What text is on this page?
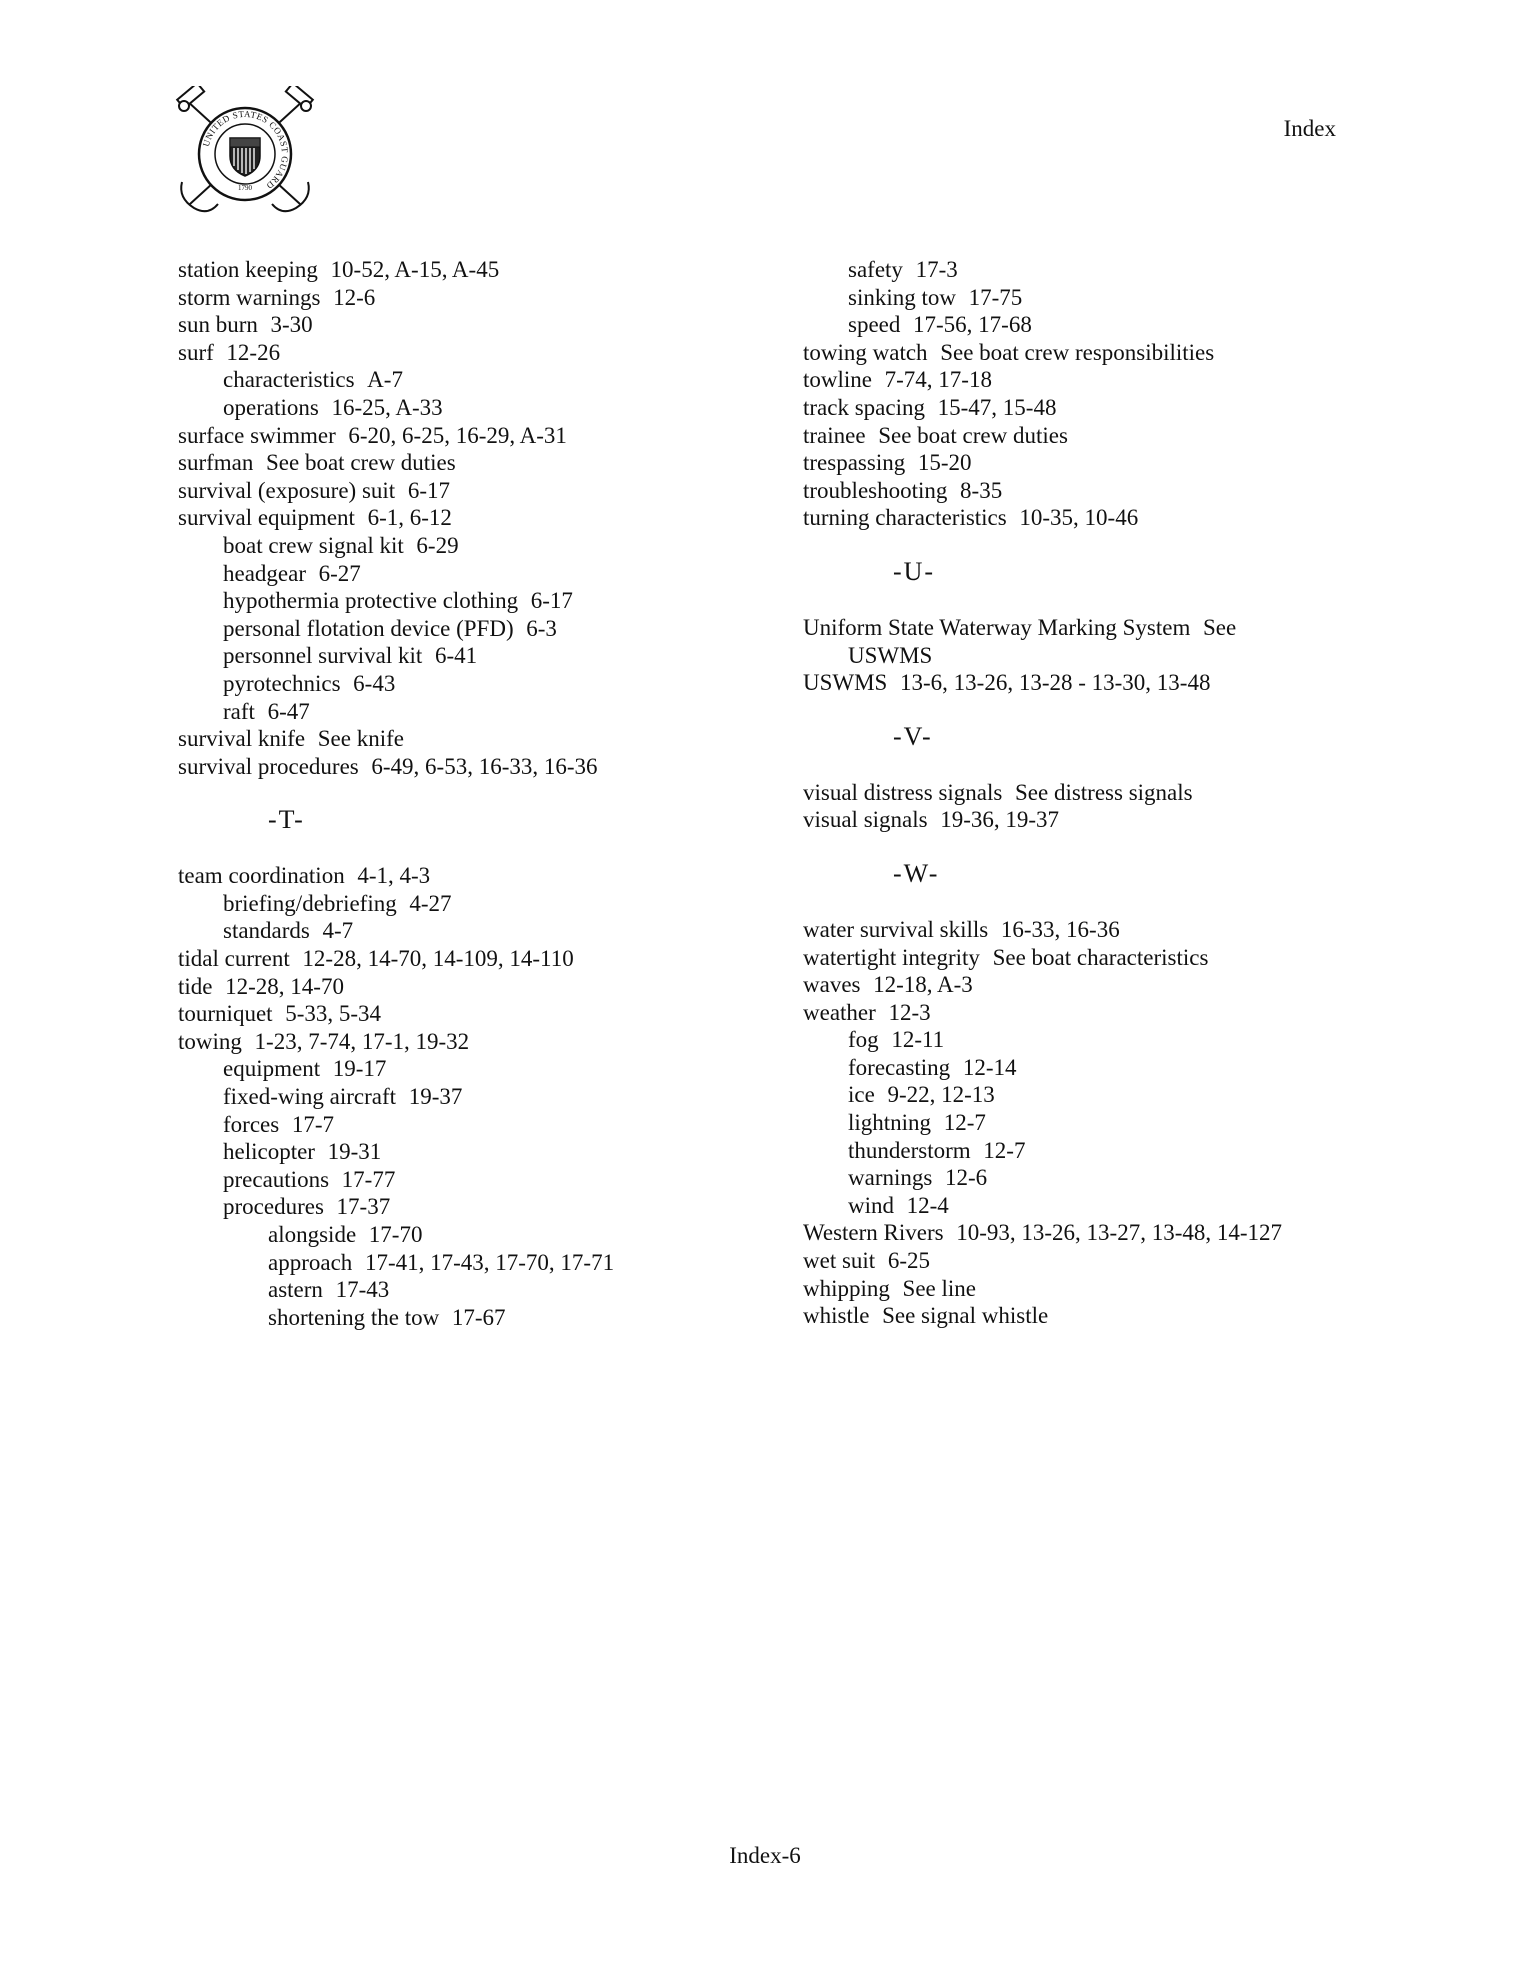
UNITED STATES COAST GUARD
1790
Index
station keeping 10-52, A-15, A-45
storm warnings 12-6
sun burn 3-30
surf 12-26
characteristics A-7
operations 16-25, A-33
surface swimmer 6-20, 6-25, 16-29, A-31
surfman See boat crew duties
survival (exposure) suit 6-17
survival equipment 6-1, 6-12
boat crew signal kit 6-29
headgear 6-27
hypothermia protective clothing 6-17
personal flotation device (PFD) 6-3
personnel survival kit 6-41
pyrotechnics 6-43
raft 6-47
survival knife See knife
survival procedures 6-49, 6-53, 16-33, 16-36
-T-
team coordination 4-1, 4-3
briefing/debriefing 4-27
standards 4-7
tidal current 12-28, 14-70, 14-109, 14-110
tide 12-28, 14-70
tourniquet 5-33, 5-34
towing 1-23, 7-74, 17-1, 19-32
equipment 19-17
fixed-wing aircraft 19-37
forces 17-7
helicopter 19-31
precautions 17-77
procedures 17-37
alongside 17-70
approach 17-41, 17-43, 17-70, 17-71
astern 17-43
shortening the tow 17-67
safety 17-3
sinking tow 17-75
speed 17-56, 17-68
towing watch See boat crew responsibilities
towline 7-74, 17-18
track spacing 15-47, 15-48
trainee See boat crew duties
trespassing 15-20
troubleshooting 8-35
turning characteristics 10-35, 10-46
-U-
Uniform State Waterway Marking System See
USWMS
USWMS 13-6, 13-26, 13-28 - 13-30, 13-48
-V-
visual distress signals See distress signals
visual signals 19-36, 19-37
-W-
water survival skills 16-33, 16-36
watertight integrity See boat characteristics
waves 12-18, A-3
weather 12-3
fog 12-11
forecasting 12-14
ice 9-22, 12-13
lightning 12-7
thunderstorm 12-7
warnings 12-6
wind 12-4
Western Rivers 10-93, 13-26, 13-27, 13-48, 14-127
wet suit 6-25
whipping See line
whistle See signal whistle
Index-6
